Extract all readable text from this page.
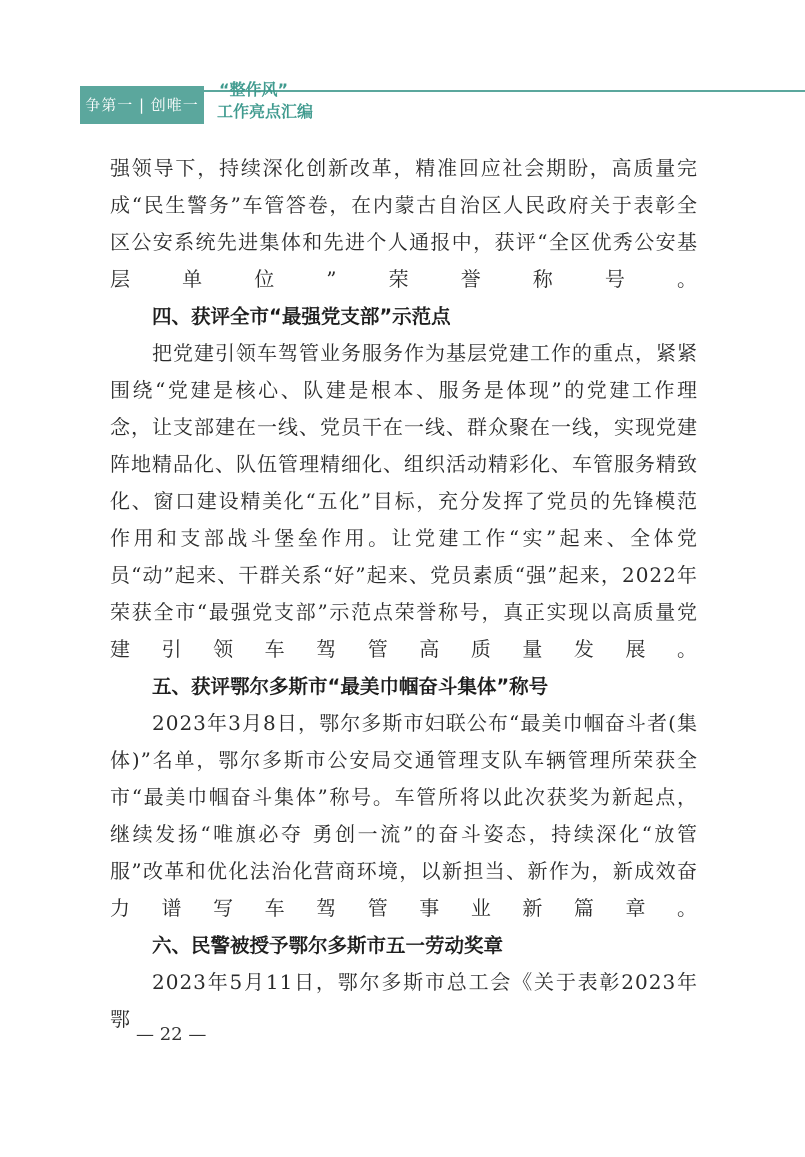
争第一 | 创唯一
“整作风”
工作亮点汇编

强领导下，持续深化创新改革，精准回应社会期盼，高质量完成“民生警务”车管答卷，在内蒙古自治区人民政府关于表彰全区公安系统先进集体和先进个人通报中，获评“全区优秀公安基层单位”荣誉称号。

四、获评全市“最强党支部”示范点

把党建引领车驾管业务服务作为基层党建工作的重点，紧紧围绕“党建是核心、队建是根本、服务是体现”的党建工作理念，让支部建在一线、党员干在一线、群众聚在一线，实现党建阵地精品化、队伍管理精细化、组织活动精彩化、车管服务精致化、窗口建设精美化“五化”目标，充分发挥了党员的先锋模范作用和支部战斗堡垒作用。让党建工作“实”起来、全体党员“动”起来、干群关系“好”起来、党员素质“强”起来，2022年荣获全市“最强党支部”示范点荣誉称号，真正实现以高质量党建引领车驾管高质量发展。

五、获评鄂尔多斯市“最美巾帼奋斗集体”称号

2023年3月8日，鄂尔多斯市妇联公布“最美巾帼奋斗者(集体)”名单，鄂尔多斯市公安局交通管理支队车辆管理所荣获全市“最美巾帼奋斗集体”称号。车管所将以此次获奖为新起点，继续发扬“唯旗必夺 勇创一流”的奋斗姿态，持续深化“放管服”改革和优化法治化营商环境，以新担当、新作为，新成效奋力谱写车驾管事业新篇章。

六、民警被授予鄂尔多斯市五一劳动奖章

2023年5月11日，鄂尔多斯市总工会《关于表彰2023年鄂

— 22 —
